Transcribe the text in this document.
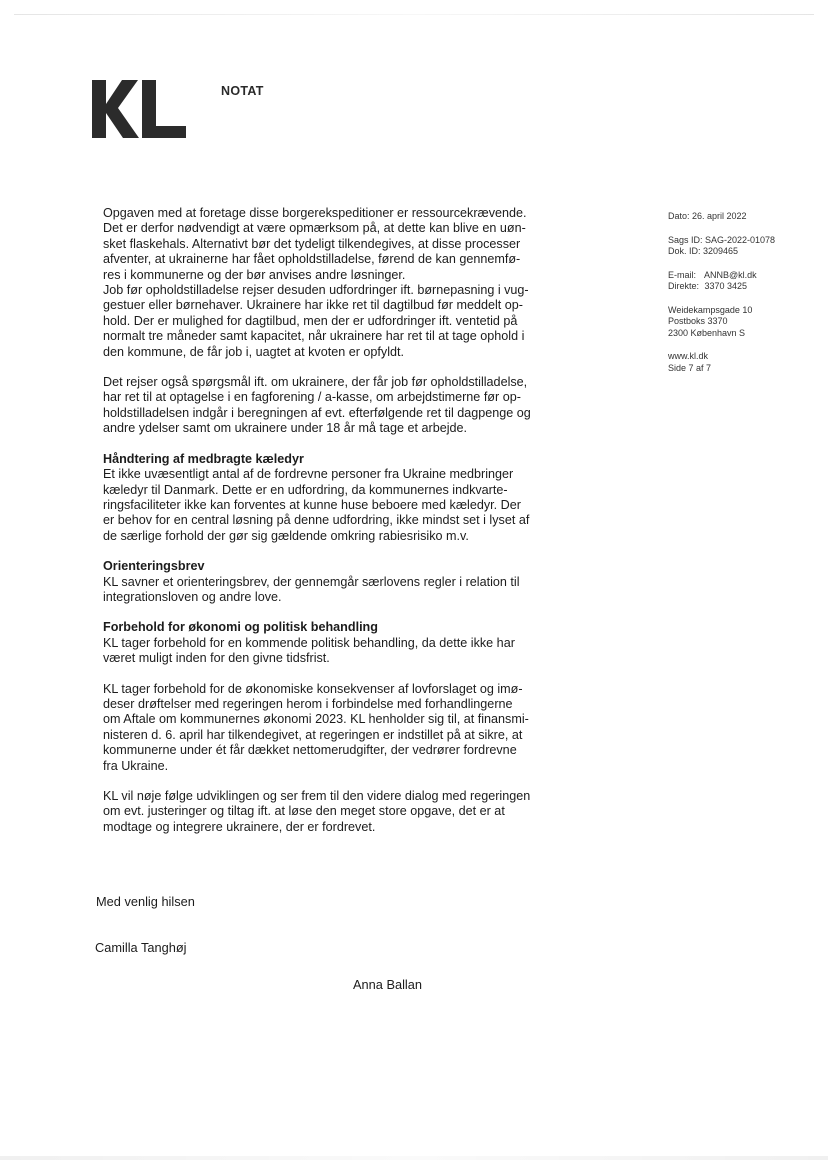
NOTAT
Dato: 26. april 2022
Sags ID: SAG-2022-01078
Dok. ID: 3209465
E-mail: ANNB@kl.dk
Direkte: 3370 3425
Weidekampsgade 10
Postboks 3370
2300 København S
www.kl.dk
Side 7 af 7

Opgaven med at foretage disse borgerekspeditioner er ressourcekrævende.
Det er derfor nødvendigt at være opmærksom på, at dette kan blive en uøn-
sket flaskehals. Alternativt bør det tydeligt tilkendegives, at disse processer
afventer, at ukrainerne har fået opholdstilladelse, førend de kan gennemfø-
res i kommunerne og der bør anvises andre løsninger.

Job før opholdstilladelse rejser desuden udfordringer ift. børnepasning i vug-
gestuer eller børnehaver. Ukrainere har ikke ret til dagtilbud før meddelt op-
hold. Der er mulighed for dagtilbud, men der er udfordringer ift. ventetid på
normalt tre måneder samt kapacitet, når ukrainere har ret til at tage ophold i
den kommune, de får job i, uagtet at kvoten er opfyldt.

Det rejser også spørgsmål ift. om ukrainere, der får job før opholdstilladelse,
har ret til at optagelse i en fagforening / a-kasse, om arbejdstimerne før op-
holdstilladelsen indgår i beregningen af evt. efterfølgende ret til dagpenge og
andre ydelser samt om ukrainere under 18 år må tage et arbejde.

Håndtering af medbragte kæledyr

Et ikke uvæsentligt antal af de fordrevne personer fra Ukraine medbringer
kæledyr til Danmark. Dette er en udfordring, da kommunernes indkvarte-
ringsfaciliteter ikke kan forventes at kunne huse beboere med kæledyr. Der
er behov for en central løsning på denne udfordring, ikke mindst set i lyset af
de særlige forhold der gør sig gældende omkring rabiesrisiko m.v.

Orienteringsbrev

KL savner et orienteringsbrev, der gennemgår særlovens regler i relation til
integrationsloven og andre love.

Forbehold for økonomi og politisk behandling

KL tager forbehold for en kommende politisk behandling, da dette ikke har
været muligt inden for den givne tidsfrist.

KL tager forbehold for de økonomiske konsekvenser af lovforslaget og imø-
deser drøftelser med regeringen herom i forbindelse med forhandlingerne
om Aftale om kommunernes økonomi 2023. KL henholder sig til, at finansmi-
nisteren d. 6. april har tilkendegivet, at regeringen er indstillet på at sikre, at
kommunerne under ét får dækket nettomerudgifter, der vedrører fordrevne
fra Ukraine.

KL vil nøje følge udviklingen og ser frem til den videre dialog med regeringen
om evt. justeringer og tiltag ift. at løse den meget store opgave, det er at
modtage og integrere ukrainere, der er fordrevet.

Med venlig hilsen
Camilla Tanghøj
Anna Ballan
